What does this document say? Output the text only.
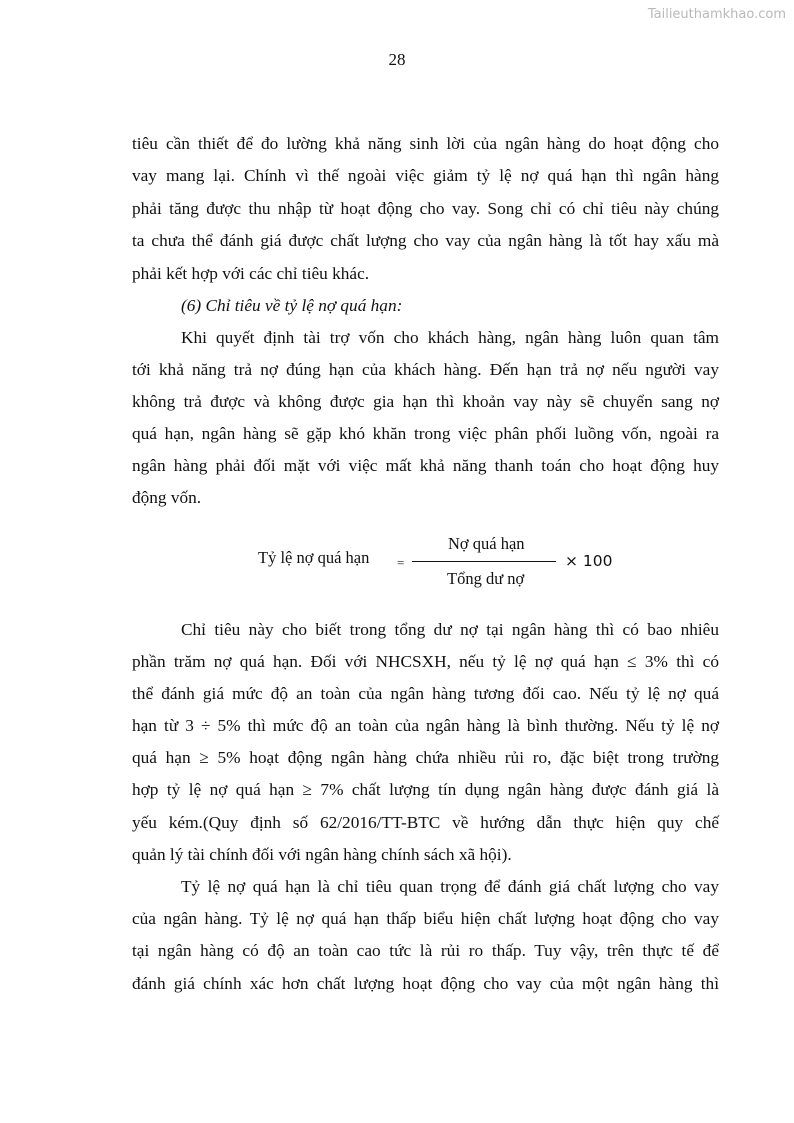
Tailieuthamkhao.com
28
tiêu cần thiết để đo lường khả năng sinh lời của ngân hàng do hoạt động cho
vay mang lại. Chính vì thế ngoài việc giảm tỷ lệ nợ quá hạn thì ngân hàng
phải tăng được thu nhập từ hoạt động cho vay. Song chỉ có chỉ tiêu này chúng
ta chưa thể đánh giá được chất lượng cho vay của ngân hàng là tốt hay xấu mà
phải kết hợp với các chỉ tiêu khác.
(6) Chỉ tiêu về tỷ lệ nợ quá hạn:
Khi quyết định tài trợ vốn cho khách hàng, ngân hàng luôn quan tâm
tới khả năng trả nợ đúng hạn của khách hàng. Đến hạn trả nợ nếu người vay
không trả được và không được gia hạn thì khoản vay này sẽ chuyển sang nợ
quá hạn, ngân hàng sẽ gặp khó khăn trong việc phân phối luồng vốn, ngoài ra
ngân hàng phải đối mặt với việc mất khả năng thanh toán cho hoạt động huy
động vốn.
Tỷ lệ nợ quá hạn =
Nợ quá hạn
Tổng dư nợ
× 100
Chỉ tiêu này cho biết trong tổng dư nợ tại ngân hàng thì có bao nhiêu
phần trăm nợ quá hạn. Đối với NHCSXH, nếu tỷ lệ nợ quá hạn ≤ 3% thì có
thể đánh giá mức độ an toàn của ngân hàng tương đối cao. Nếu tỷ lệ nợ quá
hạn từ 3 ÷ 5% thì mức độ an toàn của ngân hàng là bình thường. Nếu tỷ lệ nợ
quá hạn ≥ 5% hoạt động ngân hàng chứa nhiều rủi ro, đặc biệt trong trường
hợp tỷ lệ nợ quá hạn ≥ 7% chất lượng tín dụng ngân hàng được đánh giá là
yếu kém.(Quy định số 62/2016/TT-BTC về hướng dẫn thực hiện quy chế
quản lý tài chính đối với ngân hàng chính sách xã hội).
Tỷ lệ nợ quá hạn là chỉ tiêu quan trọng để đánh giá chất lượng cho vay
của ngân hàng. Tỷ lệ nợ quá hạn thấp biểu hiện chất lượng hoạt động cho vay
tại ngân hàng có độ an toàn cao tức là rủi ro thấp. Tuy vậy, trên thực tế để
đánh giá chính xác hơn chất lượng hoạt động cho vay của một ngân hàng thì
